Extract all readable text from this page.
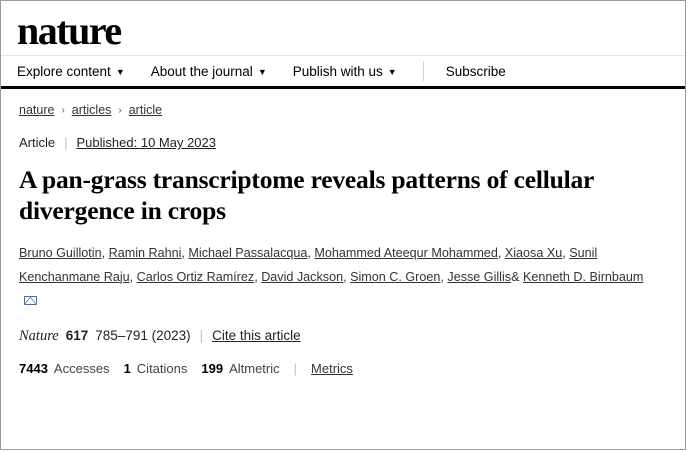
nature
Explore content ▼ About the journal ▼ Publish with us ▼	Subscribe
nature › articles › article
Article | Published: 10 May 2023
A pan-grass transcriptome reveals patterns of cellular divergence in crops
Bruno Guillotin, Ramin Rahni, Michael Passalacqua, Mohammed Ateequr Mohammed, Xiaosa Xu, Sunil Kenchanmane Raju, Carlos Ortiz Ramírez, David Jackson, Simon C. Groen, Jesse Gillis& Kenneth D. Birnbaum
Nature 617 785–791 (2023) | Cite this article
7443 Accesses 1 Citations 199 Altmetric | Metrics
